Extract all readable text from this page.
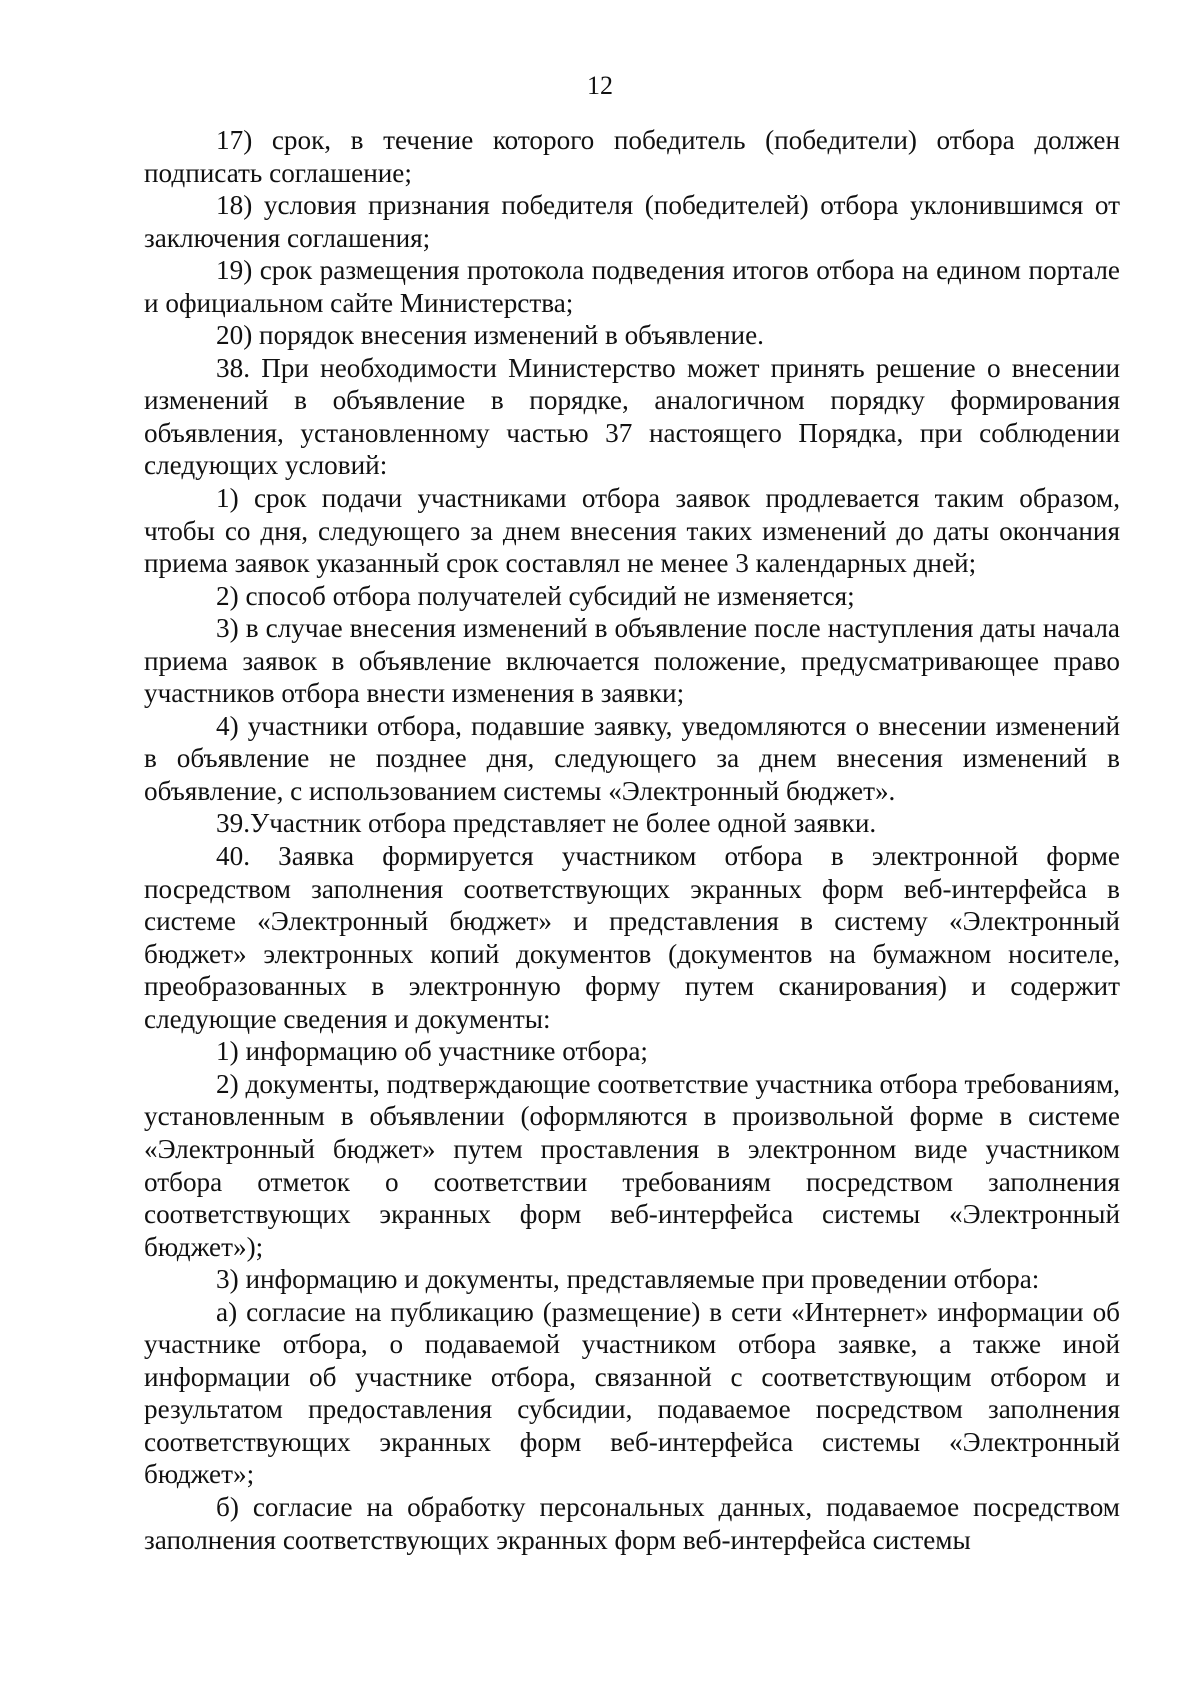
12

17) срок, в течение которого победитель (победители) отбора должен подписать соглашение;

18) условия признания победителя (победителей) отбора уклонившимся от заключения соглашения;

19) срок размещения протокола подведения итогов отбора на едином портале и официальном сайте Министерства;

20) порядок внесения изменений в объявление.

38. При необходимости Министерство может принять решение о внесении изменений в объявление в порядке, аналогичном порядку формирования объявления, установленному частью 37 настоящего Порядка, при соблюдении следующих условий:

1) срок подачи участниками отбора заявок продлевается таким образом, чтобы со дня, следующего за днем внесения таких изменений до даты окончания приема заявок указанный срок составлял не менее 3 календарных дней;

2) способ отбора получателей субсидий не изменяется;

3) в случае внесения изменений в объявление после наступления даты начала приема заявок в объявление включается положение, предусматривающее право участников отбора внести изменения в заявки;

4) участники отбора, подавшие заявку, уведомляются о внесении изменений в объявление не позднее дня, следующего за днем внесения изменений в объявление, с использованием системы «Электронный бюджет».

39.Участник отбора представляет не более одной заявки.

40. Заявка формируется участником отбора в электронной форме посредством заполнения соответствующих экранных форм веб-интерфейса в системе «Электронный бюджет» и представления в систему «Электронный бюджет» электронных копий документов (документов на бумажном носителе, преобразованных в электронную форму путем сканирования) и содержит следующие сведения и документы:

1) информацию об участнике отбора;

2) документы, подтверждающие соответствие участника отбора требованиям, установленным в объявлении (оформляются в произвольной форме в системе «Электронный бюджет» путем проставления в электронном виде участником отбора отметок о соответствии требованиям посредством заполнения соответствующих экранных форм веб-интерфейса системы «Электронный бюджет»);

3) информацию и документы, представляемые при проведении отбора:

а) согласие на публикацию (размещение) в сети «Интернет» информации об участнике отбора, о подаваемой участником отбора заявке, а также иной информации об участнике отбора, связанной с соответствующим отбором и результатом предоставления субсидии, подаваемое посредством заполнения соответствующих экранных форм веб-интерфейса системы «Электронный бюджет»;

б) согласие на обработку персональных данных, подаваемое посредством заполнения соответствующих экранных форм веб-интерфейса системы
